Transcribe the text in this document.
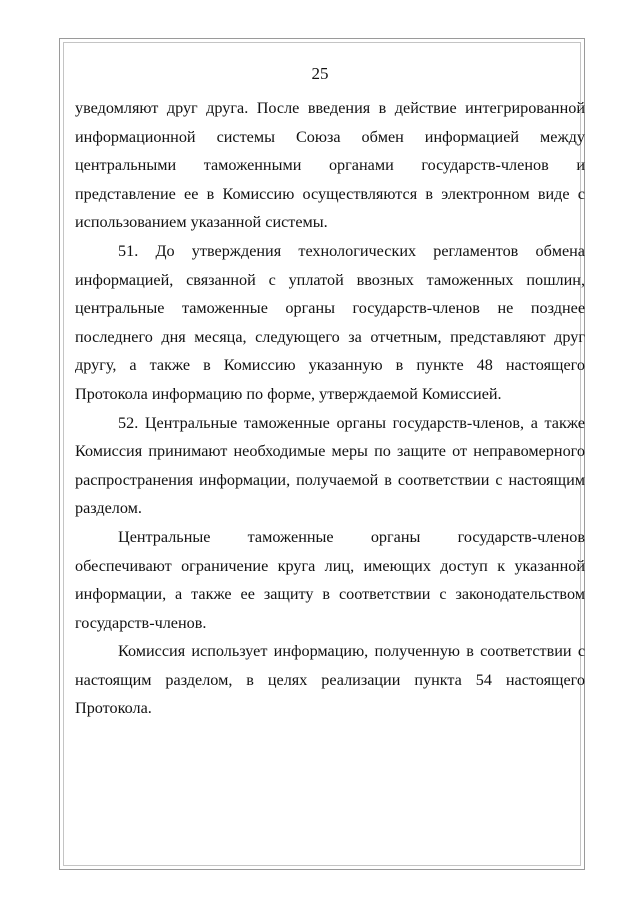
25
уведомляют друг друга. После введения в действие интегрированной
информационной системы Союза обмен информацией между
центральными таможенными органами государств-членов и
представление ее в Комиссию осуществляются в электронном виде с
использованием указанной системы.
51. До утверждения технологических регламентов обмена
информацией, связанной с уплатой ввозных таможенных пошлин,
центральные таможенные органы государств-членов не позднее
последнего дня месяца, следующего за отчетным, представляют друг
другу, а также в Комиссию указанную в пункте 48 настоящего
Протокола информацию по форме, утверждаемой Комиссией.
52. Центральные таможенные органы государств-членов, а также
Комиссия принимают необходимые меры по защите от неправомерного
распространения информации, получаемой в соответствии с настоящим
разделом.
Центральные таможенные органы государств-членов
обеспечивают ограничение круга лиц, имеющих доступ к указанной
информации, а также ее защиту в соответствии с законодательством
государств-членов.
Комиссия использует информацию, полученную в соответствии с
настоящим разделом, в целях реализации пункта 54 настоящего
Протокола.
